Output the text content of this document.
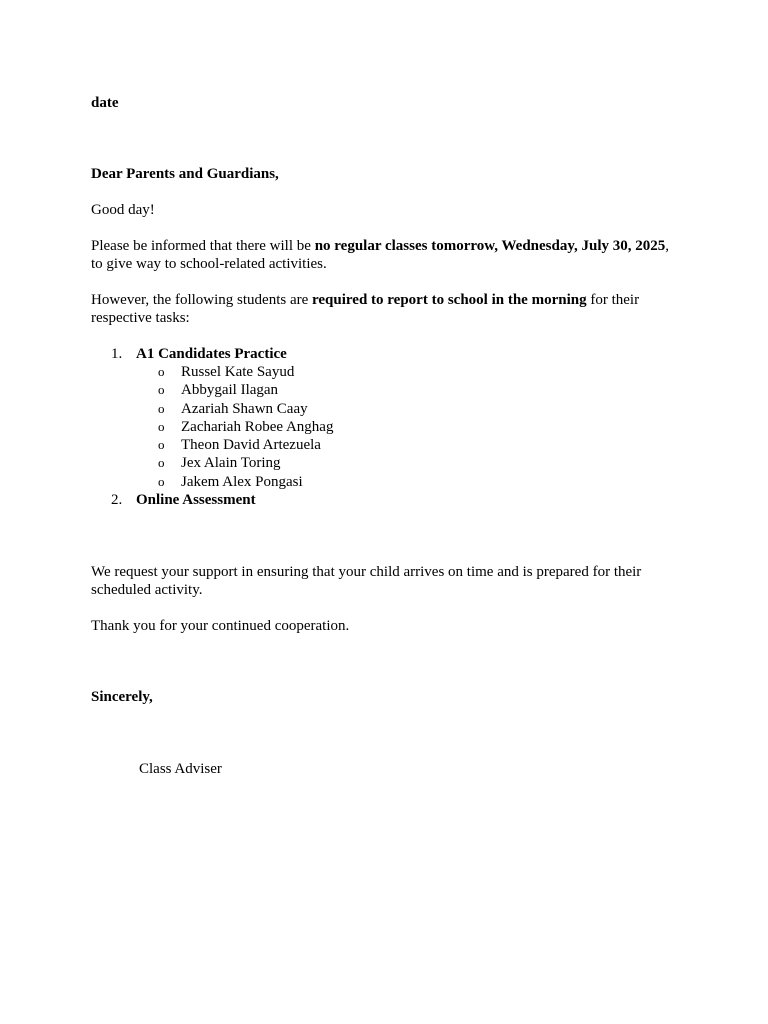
date

Dear Parents and Guardians,

Good day!

Please be informed that there will be no regular classes tomorrow, Wednesday, July 30, 2025, to give way to school-related activities.

However, the following students are required to report to school in the morning for their respective tasks:

1. A1 Candidates Practice
o Russel Kate Sayud
o Abbygail Ilagan
o Azariah Shawn Caay
o Zachariah Robee Anghag
o Theon David Artezuela
o Jex Alain Toring
o Jakem Alex Pongasi
2. Online Assessment

We request your support in ensuring that your child arrives on time and is prepared for their scheduled activity.

Thank you for your continued cooperation.

Sincerely,

Class Adviser
